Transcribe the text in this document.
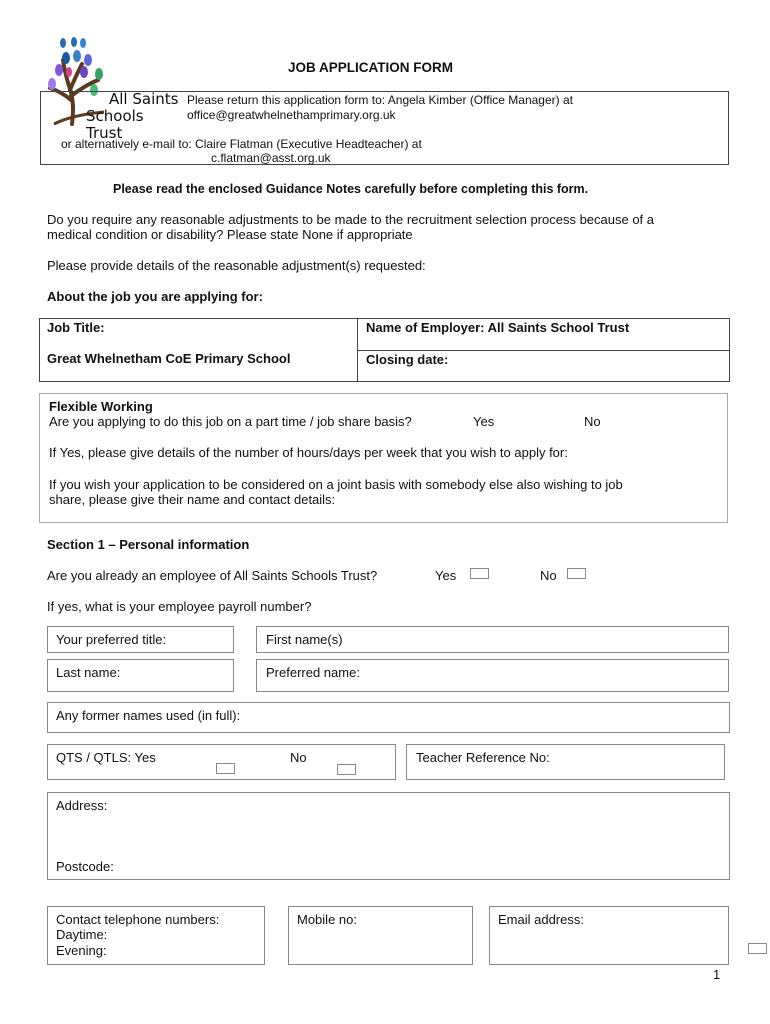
All Saints
Schools Trust
JOB APPLICATION FORM
Please return this application form to: Angela Kimber (Office Manager) at
office@greatwhelnethamprimary.org.uk
or alternatively e-mail to: Claire Flatman (Executive Headteacher) at
c.flatman@asst.org.uk
Please read the enclosed Guidance Notes carefully before completing this form.
Do you require any reasonable adjustments to be made to the recruitment selection process because of a
medical condition or disability? Please state None if appropriate
Please provide details of the reasonable adjustment(s) requested:
About the job you are applying for:
Job Title:	Name of Employer: All Saints School Trust
Great Whelnetham CoE Primary School	Closing date:
Flexible Working
Are you applying to do this job on a part time / job share basis?	Yes	No
If Yes, please give details of the number of hours/days per week that you wish to apply for:
If you wish your application to be considered on a joint basis with somebody else also wishing to job
share, please give their name and contact details:
Section 1 – Personal information
Are you already an employee of All Saints Schools Trust?	Yes	No
If yes, what is your employee payroll number?
Your preferred title:	First name(s)
Last name:	Preferred name:
Any former names used (in full):
QTS / QTLS: Yes	No	Teacher Reference No:
Address:
Postcode:
Contact telephone numbers:
Daytime:
Evening:
Mobile no:	Email address:
1
